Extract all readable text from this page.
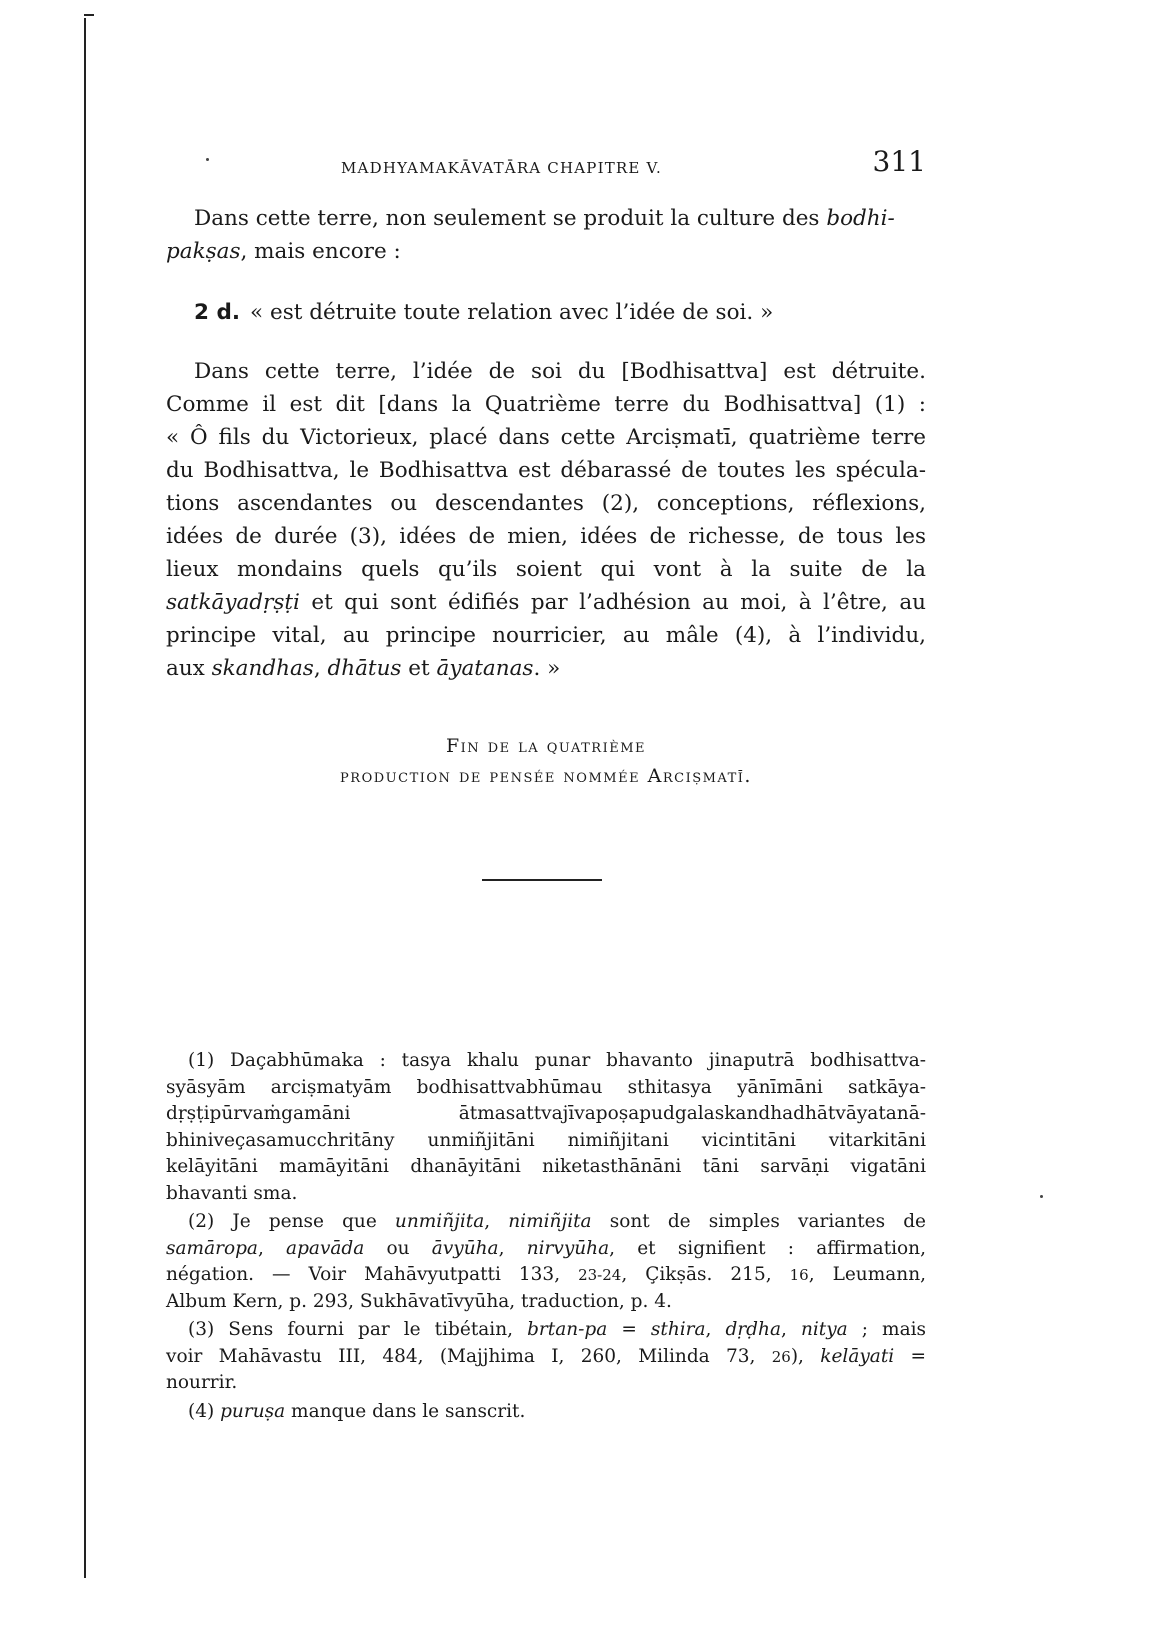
MADHYAMAKĀVATĀRA CHAPITRE V.	311
Dans cette terre, non seulement se produit la culture des bodhi-
pakṣas, mais encore :
2 d. « est détruite toute relation avec l’idée de soi. »
Dans cette terre, l’idée de soi du [Bodhisattva] est détruite.
Comme il est dit [dans la Quatrième terre du Bodhisattva] (1) :
« Ô fils du Victorieux, placé dans cette Arciṣmatī, quatrième terre
du Bodhisattva, le Bodhisattva est débarassé de toutes les spécula-
tions ascendantes ou descendantes (2), conceptions, réflexions,
idées de durée (3), idées de mien, idées de richesse, de tous les
lieux mondains quels qu’ils soient qui vont à la suite de la
satkāyadṛṣṭi et qui sont édifiés par l’adhésion au moi, à l’être, au
principe vital, au principe nourricier, au mâle (4), à l’individu,
aux skandhas, dhātus et āyatanas. »
Fin de la quatrième
production de pensée nommée Arciṣmatī.
(1) Daçabhūmaka : tasya khalu punar bhavanto jinaputrā bodhisattva-
syāsyām arciṣmatyām bodhisattvabhūmau sthitasya yānīmāni satkāya-
dṛṣṭipūrvaṁgamāni ātmasattvajīvapoṣapudgalaskandhadhātvāyatanā-
bhiniveçasamucchritāny unmiñjitāni nimiñjitani vicintitāni vitarkitāni
kelāyitāni mamāyitāni dhanāyitāni niketasthānāni tāni sarvāṇi vigatāni
bhavanti sma.
(2) Je pense que unmiñjita, nimiñjita sont de simples variantes de
samāropa, apavāda ou āvyūha, nirvyūha, et signifient : affirmation,
négation. — Voir Mahāvyutpatti 133, 23-24, Çikṣās. 215, 16, Leumann,
Album Kern, p. 293, Sukhāvatīvyūha, traduction, p. 4.
(3) Sens fourni par le tibétain, brtan-pa = sthira, dṛḍha, nitya ; mais
voir Mahāvastu III, 484, (Majjhima I, 260, Milinda 73, 26), kelāyati =
nourrir.
(4) puruṣa manque dans le sanscrit.
